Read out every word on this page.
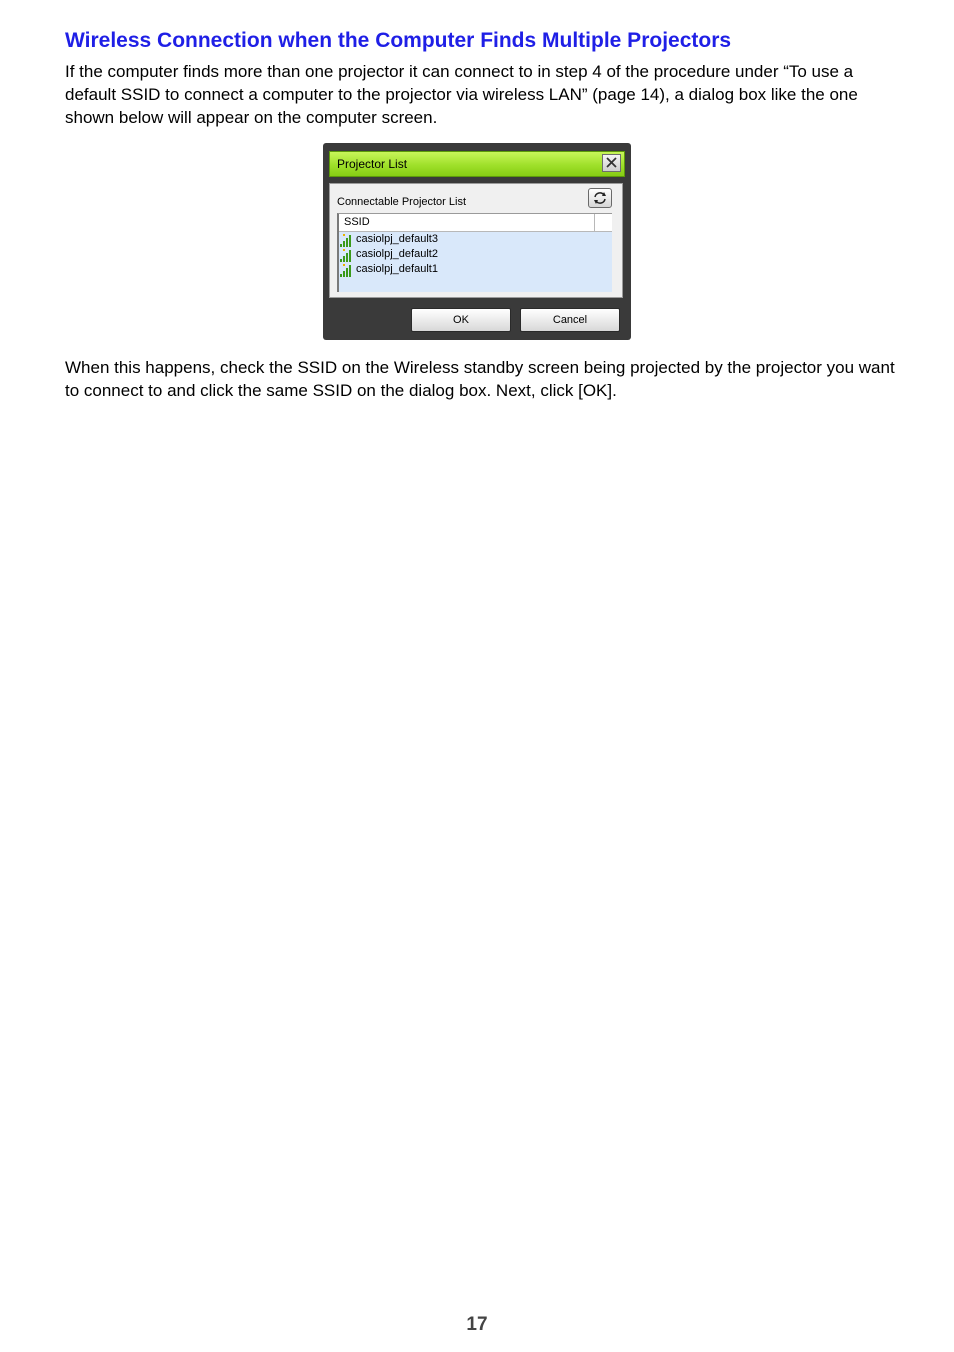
Wireless Connection when the Computer Finds Multiple Projectors

If the computer finds more than one projector it can connect to in step 4 of the procedure under “To use a default SSID to connect a computer to the projector via wireless LAN” (page 14), a dialog box like the one shown below will appear on the computer screen.

Projector List
Connectable Projector List
SSID
casiolpj_default3
casiolpj_default2
casiolpj_default1
OK	Cancel

When this happens, check the SSID on the Wireless standby screen being projected by the projector you want to connect to and click the same SSID on the dialog box. Next, click [OK].

17
